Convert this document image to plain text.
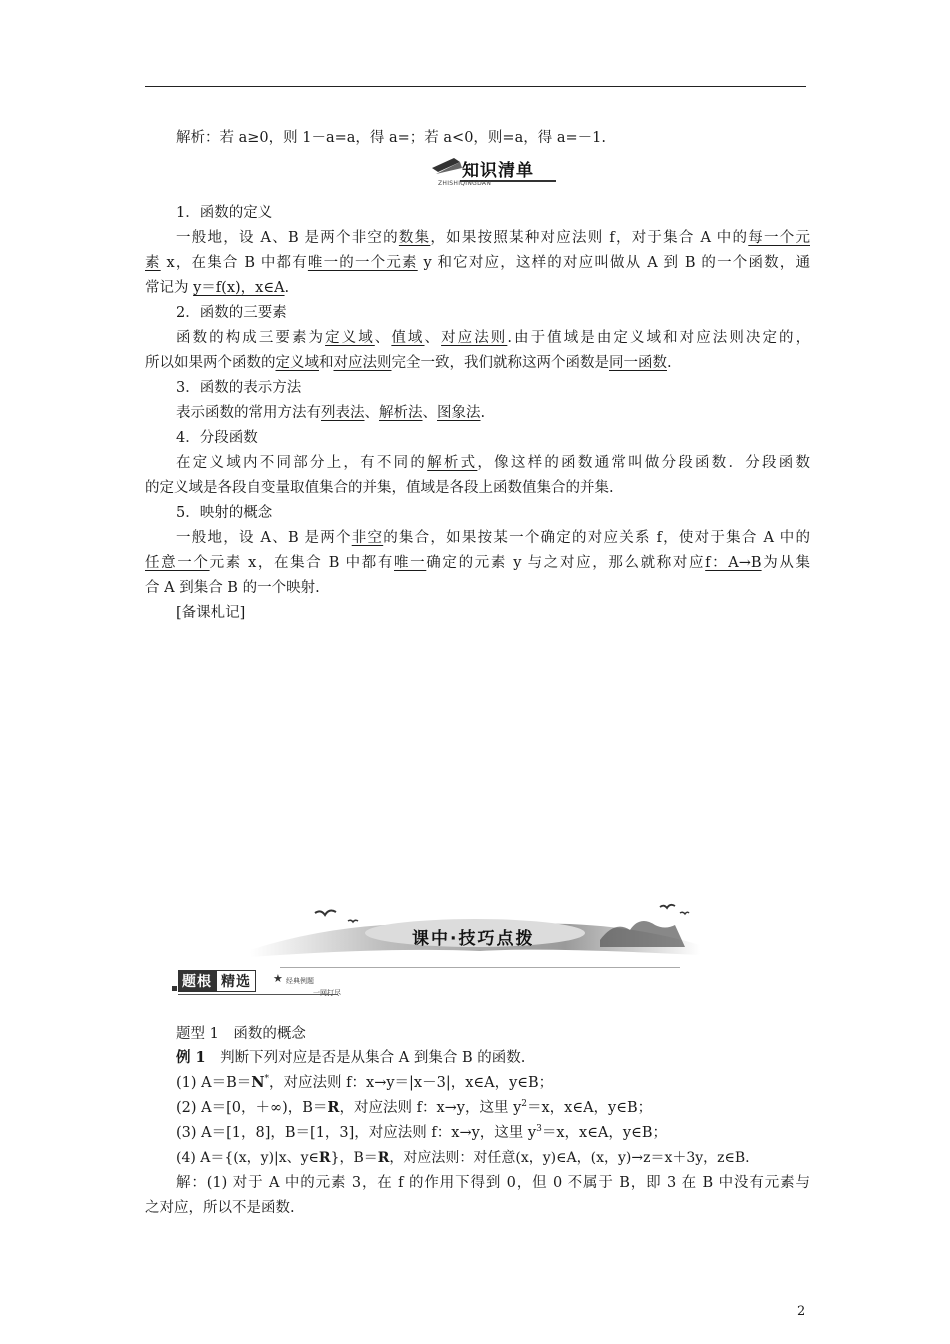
解析：若 a≥0，则 1－a=a，得 a=；若 a<0，则=a，得 a=－1.
知识清单
ZHISHIQINGDAN
1．函数的定义
一般地，设 A、B 是两个非空的数集，如果按照某种对应法则 f，对于集合 A 中的每一个元
素 x，在集合 B 中都有唯一的一个元素 y 和它对应，这样的对应叫做从 A 到 B 的一个函数，通
常记为 y＝f(x)，x∈A.
2．函数的三要素
函数的构成三要素为定义域、值域、对应法则.由于值域是由定义域和对应法则决定的，
所以如果两个函数的定义域和对应法则完全一致，我们就称这两个函数是同一函数.
3．函数的表示方法
表示函数的常用方法有列表法、解析法、图象法.
4．分段函数
在定义域内不同部分上，有不同的解析式，像这样的函数通常叫做分段函数．分段函数
的定义域是各段自变量取值集合的并集，值域是各段上函数值集合的并集.
5．映射的概念
一般地，设 A、B 是两个非空的集合，如果按某一个确定的对应关系 f，使对于集合 A 中的
任意一个元素 x，在集合 B 中都有唯一确定的元素 y 与之对应，那么就称对应f：A→B为从集
合 A 到集合 B 的一个映射.
[备课札记]
课中·技巧点拨
题根 精选	★ 经典例题
一网打尽
题型 1　函数的概念
例 1　判断下列对应是否是从集合 A 到集合 B 的函数.
(1) A＝B＝N*，对应法则 f：x→y＝|x－3|，x∈A，y∈B；
(2) A＝[0，＋∞)，B＝R，对应法则 f：x→y，这里 $y^2=x$，x∈A，y∈B；
(3) A＝[1，8]，B＝[1，3]，对应法则 f：x→y，这里 $y^3=x$，x∈A，y∈B；
(4) A＝{(x，y)|x、y∈R}，B＝R，对应法则：对任意(x，y)∈A，(x，y)→z＝x＋3y，z∈B.
解：(1) 对于 A 中的元素 3，在 f 的作用下得到 0，但 0 不属于 B，即 3 在 B 中没有元素与
之对应，所以不是函数.
2
